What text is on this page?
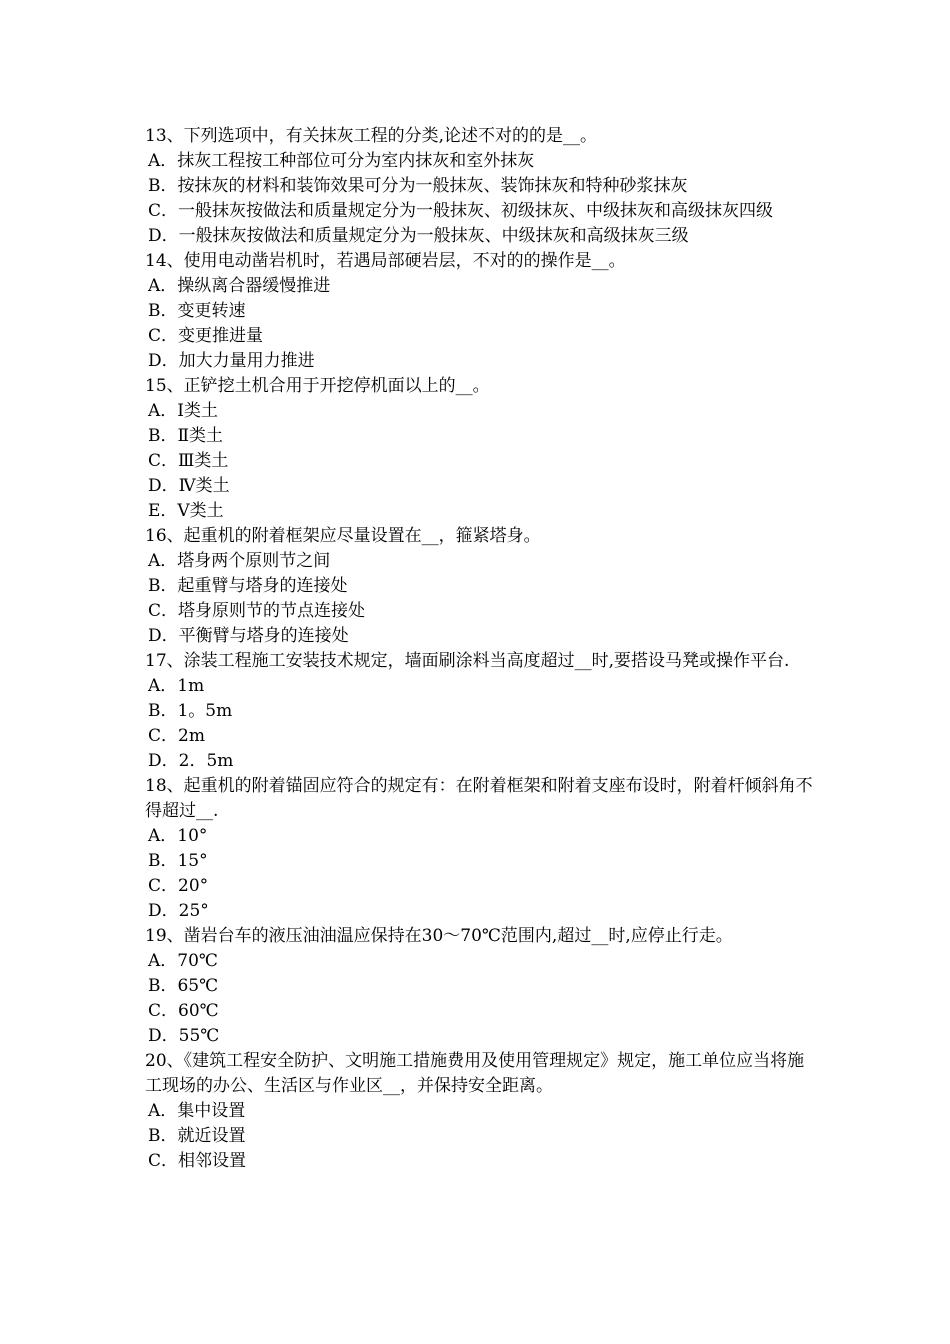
13、下列选项中，有关抹灰工程的分类,论述不对的的是__。

A．抹灰工程按工种部位可分为室内抹灰和室外抹灰

B．按抹灰的材料和装饰效果可分为一般抹灰、装饰抹灰和特种砂浆抹灰

C．一般抹灰按做法和质量规定分为一般抹灰、初级抹灰、中级抹灰和高级抹灰四级

D．一般抹灰按做法和质量规定分为一般抹灰、中级抹灰和高级抹灰三级

14、使用电动凿岩机时，若遇局部硬岩层，不对的的操作是__。

A．操纵离合器缓慢推进

B．变更转速

C．变更推进量

D．加大力量用力推进

15、正铲挖土机合用于开挖停机面以上的__。

A．Ⅰ类土

B．Ⅱ类土

C．Ⅲ类土

D．Ⅳ类土

E．Ⅴ类土

16、起重机的附着框架应尽量设置在__，箍紧塔身。

A．塔身两个原则节之间

B．起重臂与塔身的连接处

C．塔身原则节的节点连接处

D．平衡臂与塔身的连接处

17、涂装工程施工安装技术规定，墙面刷涂料当高度超过__时,要搭设马凳或操作平台.

A．1m

B．1。5m

C．2m

D．2．5m

18、起重机的附着锚固应符合的规定有：在附着框架和附着支座布设时，附着杆倾斜角不得超过__.

A．10°

B．15°

C．20°

D．25°

19、凿岩台车的液压油油温应保持在30～70℃范围内,超过__时,应停止行走。

A．70℃

B．65℃

C．60℃

D．55℃

20、《建筑工程安全防护、文明施工措施费用及使用管理规定》规定，施工单位应当将施工现场的办公、生活区与作业区__，并保持安全距离。

A．集中设置

B．就近设置

C．相邻设置
